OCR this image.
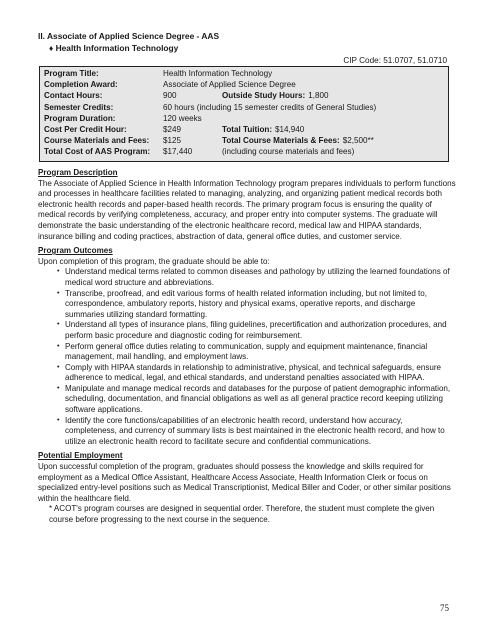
II. Associate of Applied Science Degree - AAS
♦ Health Information Technology
CIP Code: 51.0707, 51.0710
Program Title:	Health Information Technology
Completion Award:	Associate of Applied Science Degree
Contact Hours:	900	Outside Study Hours: 1,800
Semester Credits:	60 hours (including 15 semester credits of General Studies)
Program Duration:	120 weeks
Cost Per Credit Hour:	$249	Total Tuition: $14,940
Course Materials and Fees: $125	Total Course Materials & Fees: $2,500**
Total Cost of AAS Program: $17,440	(including course materials and fees)
Program Description

The Associate of Applied Science in Health Information Technology program prepares individuals to perform functions and processes in healthcare facilities related to managing, analyzing, and organizing patient medical records both electronic health records and paper-based health records. The primary program focus is ensuring the quality of medical records by verifying completeness, accuracy, and proper entry into computer systems. The graduate will demonstrate the basic understanding of the electronic healthcare record, medical law and HIPAA standards, insurance billing and coding practices, abstraction of data, general office duties, and customer service.

Program Outcomes

Upon completion of this program, the graduate should be able to:

• Understand medical terms related to common diseases and pathology by utilizing the learned foundations of medical word structure and abbreviations.
• Transcribe, proofread, and edit various forms of health related information including, but not limited to, correspondence, ambulatory reports, history and physical exams, operative reports, and discharge summaries utilizing standard formatting.
• Understand all types of insurance plans, filing guidelines, precertification and authorization procedures, and perform basic procedure and diagnostic coding for reimbursement.
• Perform general office duties relating to communication, supply and equipment maintenance, financial management, mail handling, and employment laws.
• Comply with HIPAA standards in relationship to administrative, physical, and technical safeguards, ensure adherence to medical, legal, and ethical standards, and understand penalties associated with HIPAA.
• Manipulate and manage medical records and databases for the purpose of patient demographic information, scheduling, documentation, and financial obligations as well as all general practice record keeping utilizing software applications.
• Identify the core functions/capabilities of an electronic health record, understand how accuracy, completeness, and currency of summary lists is best maintained in the electronic health record, and how to utilize an electronic health record to facilitate secure and confidential communications.
Potential Employment

Upon successful completion of the program, graduates should possess the knowledge and skills required for employment as a Medical Office Assistant, Healthcare Access Associate, Health Information Clerk or focus on specialized entry-level positions such as Medical Transcriptionist, Medical Biller and Coder, or other similar positions within the healthcare field.

* ACOT's program courses are designed in sequential order. Therefore, the student must complete the given course before progressing to the next course in the sequence.

75
